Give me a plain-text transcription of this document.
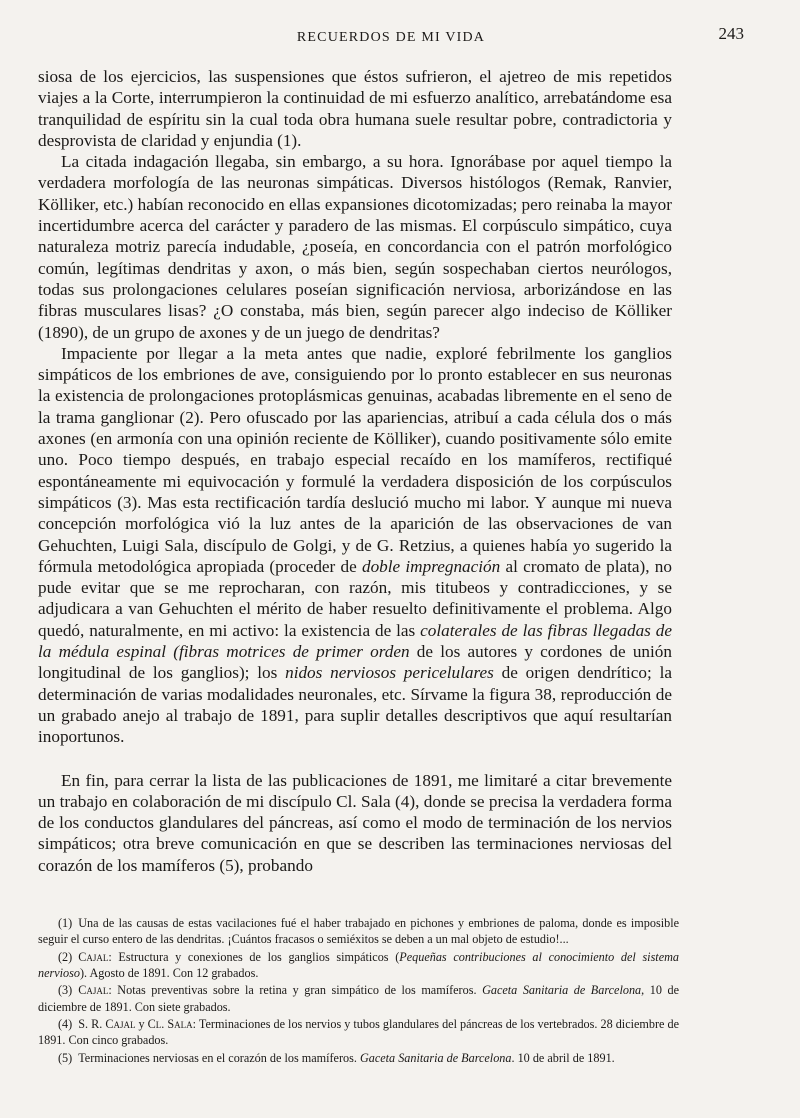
RECUERDOS DE MI VIDA	243

siosa de los ejercicios, las suspensiones que éstos sufrieron, el ajetreo de mis repetidos viajes a la Corte, interrumpieron la continuidad de mi esfuerzo analítico, arrebatándome esa tranquilidad de espíritu sin la cual toda obra humana suele resultar pobre, contradictoria y desprovista de claridad y enjundia (1).

La citada indagación llegaba, sin embargo, a su hora. Ignorábase por aquel tiempo la verdadera morfología de las neuronas simpáticas. Diversos histólogos (Remak, Ranvier, Kölliker, etc.) habían reconocido en ellas expansiones dicotomizadas; pero reinaba la mayor incertidumbre acerca del carácter y paradero de las mismas. El corpúsculo simpático, cuya naturaleza motriz parecía indudable, ¿poseía, en concordancia con el patrón morfológico común, legítimas dendritas y axon, o más bien, según sospechaban ciertos neurólogos, todas sus prolongaciones celulares poseían significación nerviosa, arborizándose en las fibras musculares lisas? ¿O constaba, más bien, según parecer algo indeciso de Kölliker (1890), de un grupo de axones y de un juego de dendritas?

Impaciente por llegar a la meta antes que nadie, exploré febrilmente los ganglios simpáticos de los embriones de ave, consiguiendo por lo pronto establecer en sus neuronas la existencia de prolongaciones protoplásmicas genuinas, acabadas libremente en el seno de la trama ganglionar (2). Pero ofuscado por las apariencias, atribuí a cada célula dos o más axones (en armonía con una opinión reciente de Kölliker), cuando positivamente sólo emite uno. Poco tiempo después, en trabajo especial recaído en los mamíferos, rectifiqué espontáneamente mi equivocación y formulé la verdadera disposición de los corpúsculos simpáticos (3). Mas esta rectificación tardía deslució mucho mi labor. Y aunque mi nueva concepción morfológica vió la luz antes de la aparición de las observaciones de van Gehuchten, Luigi Sala, discípulo de Golgi, y de G. Retzius, a quienes había yo sugerido la fórmula metodológica apropiada (proceder de doble impregnación al cromato de plata), no pude evitar que se me reprocharan, con razón, mis titubeos y contradicciones, y se adjudicara a van Gehuchten el mérito de haber resuelto definitivamente el problema. Algo quedó, naturalmente, en mi activo: la existencia de las colaterales de las fibras llegadas de la médula espinal (fibras motrices de primer orden de los autores y cordones de unión longitudinal de los ganglios); los nidos nerviosos pericelulares de origen dendrítico; la determinación de varias modalidades neuronales, etc. Sírvame la figura 38, reproducción de un grabado anejo al trabajo de 1891, para suplir detalles descriptivos que aquí resultarían inoportunos.

En fin, para cerrar la lista de las publicaciones de 1891, me limitaré a citar brevemente un trabajo en colaboración de mi discípulo Cl. Sala (4), donde se precisa la verdadera forma de los conductos glandulares del páncreas, así como el modo de terminación de los nervios simpáticos; otra breve comunicación en que se describen las terminaciones nerviosas del corazón de los mamíferos (5), probando

(1) Una de las causas de estas vacilaciones fué el haber trabajado en pichones y embriones de paloma, donde es imposible seguir el curso entero de las dendritas. ¡Cuántos fracasos o semiéxitos se deben a un mal objeto de estudio!...
(2) Cajal: Estructura y conexiones de los ganglios simpáticos (Pequeñas contribuciones al conocimiento del sistema nervioso). Agosto de 1891. Con 12 grabados.
(3) Cajal: Notas preventivas sobre la retina y gran simpático de los mamíferos. Gaceta Sanitaria de Barcelona, 10 de diciembre de 1891. Con siete grabados.
(4) S. R. Cajal y Cl. Sala: Terminaciones de los nervios y tubos glandulares del páncreas de los vertebrados. 28 diciembre de 1891. Con cinco grabados.
(5) Terminaciones nerviosas en el corazón de los mamíferos. Gaceta Sanitaria de Barcelona. 10 de abril de 1891.
